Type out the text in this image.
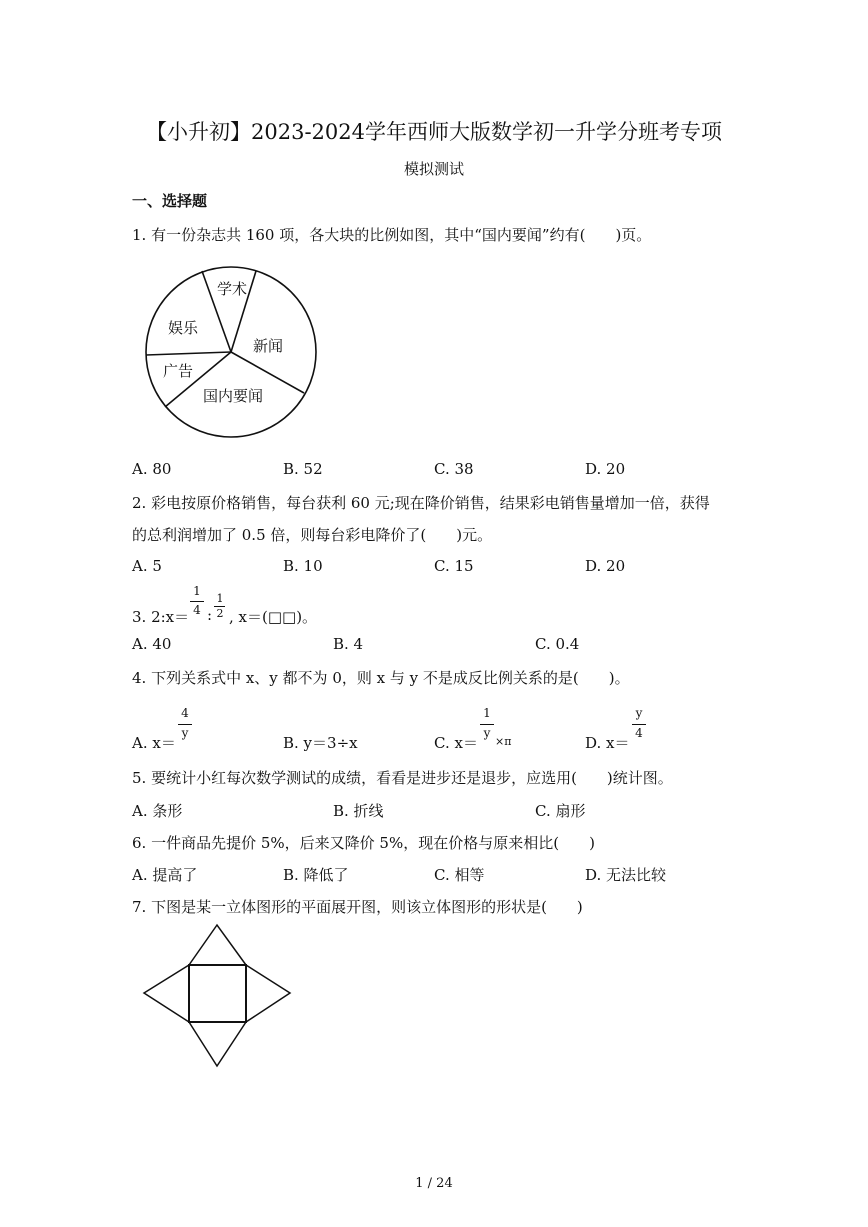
【小升初】2023-2024学年西师大版数学初一升学分班考专项
模拟测试
一、选择题
1. 有一份杂志共 160 项，各大块的比例如图，其中“国内要闻”约有(　　)页。
学术
娱乐
新闻
广告
国内要闻
A. 80	B. 52	C. 38	D. 20
2. 彩电按原价格销售，每台获利 60 元;现在降价销售，结果彩电销售量增加一倍，获得
的总利润增加了 0.5 倍，则每台彩电降价了(　　)元。
A. 5	B. 10	C. 15	D. 20
3. 2:x＝
1
4 :
1
2 , x＝(□□)。
A. 40	B. 4	C. 0.4
4. 下列关系式中 x、y 都不为 0，则 x 与 y 不是成反比例关系的是(　　)。
A. x＝
4
y
B. y＝3÷x	C. x＝
1
y
×π	D. x＝
y
4
5. 要统计小红每次数学测试的成绩，看看是进步还是退步，应选用(　　)统计图。
A. 条形	B. 折线	C. 扇形
6. 一件商品先提价 5%，后来又降价 5%，现在价格与原来相比(　　)
A. 提高了	B. 降低了	C. 相等	D. 无法比较
7. 下图是某一立体图形的平面展开图，则该立体图形的形状是(　　)
1 / 24
